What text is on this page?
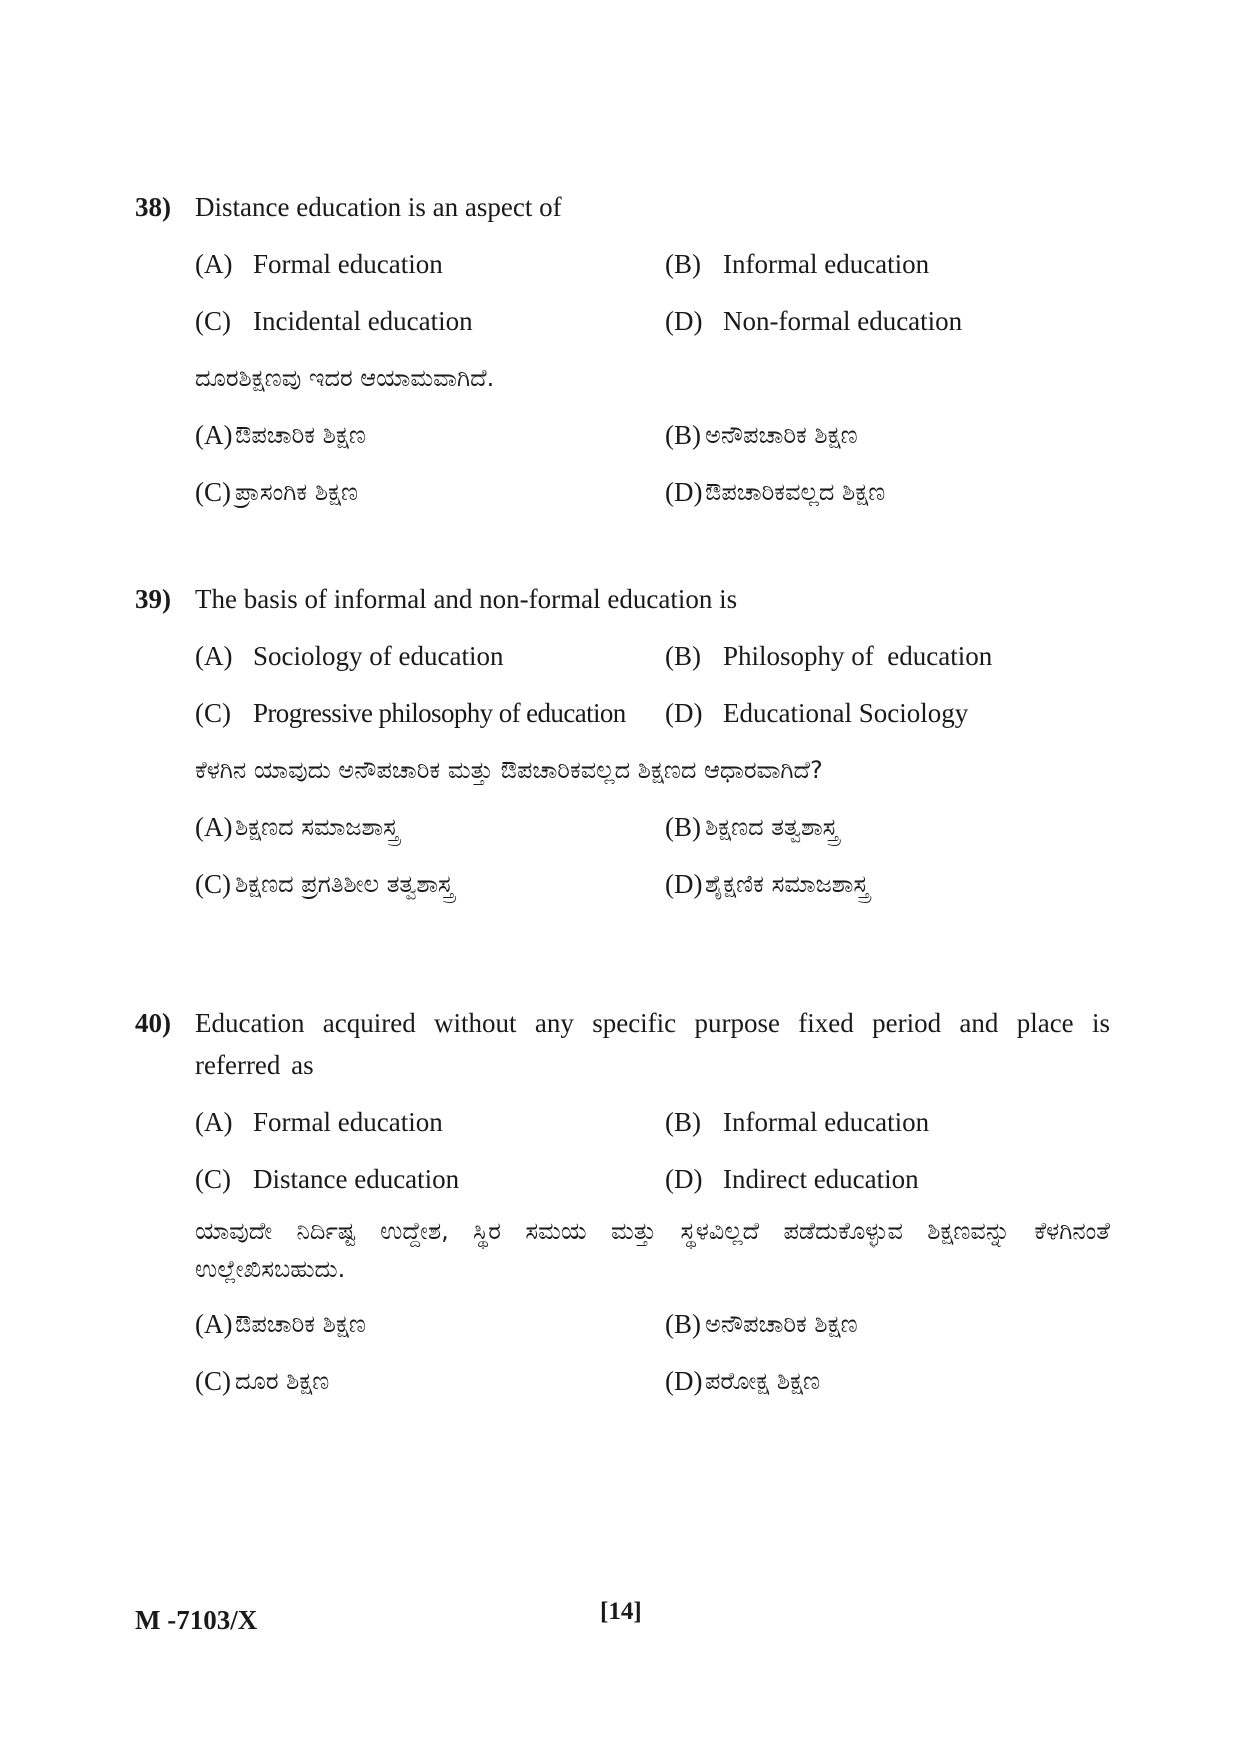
38) Distance education is an aspect of
(A) Formal education	(B) Informal education
(C) Incidental education	(D) Non-formal education
ದೂರಶಿಕ್ಷಣವು ಇದರ ಆಯಾಮವಾಗಿದೆ.
(A) ಔಪಚಾರಿಕ ಶಿಕ್ಷಣ	(B) ಅನೌಪಚಾರಿಕ ಶಿಕ್ಷಣ
(C) ಪ್ರಾಸಂಗಿಕ ಶಿಕ್ಷಣ	(D) ಔಪಚಾರಿಕವಲ್ಲದ ಶಿಕ್ಷಣ
39) The basis of informal and non-formal education is
(A) Sociology of education	(B) Philosophy of  education
(C) Progressive philosophy of education (D) Educational Sociology
ಕೆಳಗಿನ ಯಾವುದು ಅನೌಪಚಾರಿಕ ಮತ್ತು ಔಪಚಾರಿಕವಲ್ಲದ ಶಿಕ್ಷಣದ ಆಧಾರವಾಗಿದೆ?
(A) ಶಿಕ್ಷಣದ ಸಮಾಜಶಾಸ್ತ್ರ	(B) ಶಿಕ್ಷಣದ ತತ್ವಶಾಸ್ತ್ರ
(C) ಶಿಕ್ಷಣದ ಪ್ರಗತಿಶೀಲ ತತ್ವಶಾಸ್ತ್ರ	(D) ಶೈಕ್ಷಣಿಕ ಸಮಾಜಶಾಸ್ತ್ರ
40) Education acquired without any specific purpose fixed period and place is referred as
(A) Formal education	(B) Informal education
(C) Distance education	(D) Indirect education
ಯಾವುದೇ ನಿರ್ದಿಷ್ಟ ಉದ್ದೇಶ, ಸ್ಥಿರ ಸಮಯ ಮತ್ತು ಸ್ಥಳವಿಲ್ಲದೆ ಪಡೆದುಕೊಳ್ಳುವ ಶಿಕ್ಷಣವನ್ನು ಕೆಳಗಿನಂತೆ ಉಲ್ಲೇಖಿಸಬಹುದು.
(A) ಔಪಚಾರಿಕ ಶಿಕ್ಷಣ	(B) ಅನೌಪಚಾರಿಕ ಶಿಕ್ಷಣ
(C) ದೂರ ಶಿಕ್ಷಣ	(D) ಪರೋಕ್ಷ ಶಿಕ್ಷಣ
M -7103/X	[14]
